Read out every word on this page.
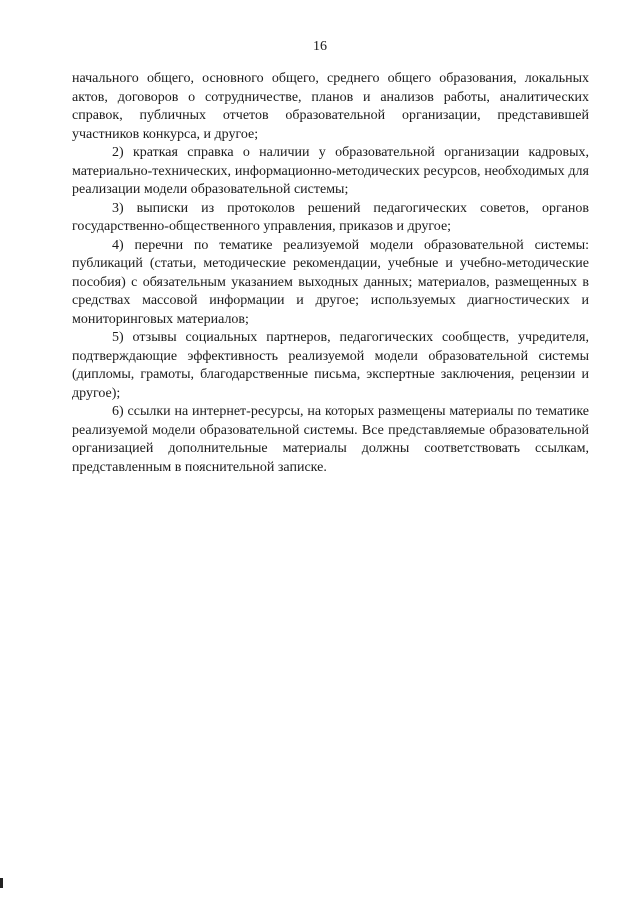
16

начального общего, основного общего, среднего общего образования, локальных актов, договоров о сотрудничестве, планов и анализов работы, аналитических справок, публичных отчетов образовательной организации, представившей участников конкурса, и другое;

2) краткая справка о наличии у образовательной организации кадровых, материально-технических, информационно-методических ресурсов, необходимых для реализации модели образовательной системы;

3) выписки из протоколов решений педагогических советов, органов государственно-общественного управления, приказов и другое;

4) перечни по тематике реализуемой модели образовательной системы: публикаций (статьи, методические рекомендации, учебные и учебно-методические пособия) с обязательным указанием выходных данных; материалов, размещенных в средствах массовой информации и другое; используемых диагностических и мониторинговых материалов;

5) отзывы социальных партнеров, педагогических сообществ, учредителя, подтверждающие эффективность реализуемой модели образовательной системы (дипломы, грамоты, благодарственные письма, экспертные заключения, рецензии и другое);

6) ссылки на интернет-ресурсы, на которых размещены материалы по тематике реализуемой модели образовательной системы. Все представляемые образовательной организацией дополнительные материалы должны соответствовать ссылкам, представленным в пояснительной записке.
